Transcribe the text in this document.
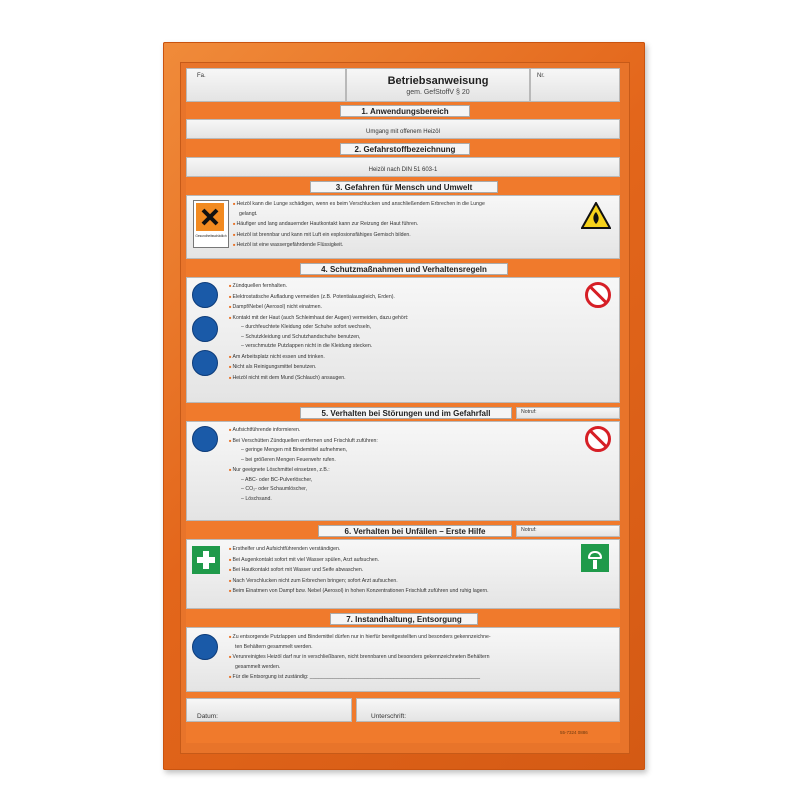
Fa.	Betriebsanweisung
gem. GefStoffV § 20
Nr.
1. Anwendungsbereich
Umgang mit offenem Heizöl
2. Gefahrstoffbezeichnung
Heizöl nach DIN 51 603-1
3. Gefahren für Mensch und Umwelt
Gesundheitsschädlich
■ Heizöl kann die Lunge schädigen, wenn es beim Verschlucken und anschließendem Erbrechen in die Lunge
gelangt.
■ Häufiger und lang andauernder Hautkontakt kann zur Reizung der Haut führen.
■ Heizöl ist brennbar und kann mit Luft ein explosionsfähiges Gemisch bilden.
■ Heizöl ist eine wassergefährdende Flüssigkeit.
4. Schutzmaßnahmen und Verhaltensregeln
■ Zündquellen fernhalten.
■ Elektrostatische Aufladung vermeiden (z.B. Potentialausgleich, Erden).
■ Dampf/Nebel (Aerosol) nicht einatmen.
■ Kontakt mit der Haut (auch Schleimhaut der Augen) vermeiden, dazu gehört:
– durchfeuchtete Kleidung oder Schuhe sofort wechseln,
– Schutzkleidung und Schutzhandschuhe benutzen,
– verschmutzte Putzlappen nicht in die Kleidung stecken.
■ Am Arbeitsplatz nicht essen und trinken.
■ Nicht als Reinigungsmittel benutzen.
■ Heizöl nicht mit dem Mund (Schlauch) ansaugen.
5. Verhalten bei Störungen und im Gefahrfall	Notruf:
■ Aufsichtführende informieren.
■ Bei Verschütten Zündquellen entfernen und Frischluft zuführen:
– geringe Mengen mit Bindemittel aufnehmen,
– bei größeren Mengen Feuerwehr rufen.
■ Nur geeignete Löschmittel einsetzen, z.B.:
– ABC- oder BC-Pulverlöscher,
– CO₂- oder Schaumlöscher,
– Löschsand.
6. Verhalten bei Unfällen – Erste Hilfe	Notruf:
■ Ersthelfer und Aufsichtführenden verständigen.
■ Bei Augenkontakt sofort mit viel Wasser spülen, Arzt aufsuchen.
■ Bei Hautkontakt sofort mit Wasser und Seife abwaschen.
■ Nach Verschlucken nicht zum Erbrechen bringen; sofort Arzt aufsuchen.
■ Beim Einatmen von Dampf bzw. Nebel (Aerosol) in hohen Konzentrationen Frischluft zuführen und ruhig lagern.
7. Instandhaltung, Entsorgung
■ Zu entsorgende Putzlappen und Bindemittel dürfen nur in hierfür bereitgestellten und besonders gekennzeichne-
ten Behältern gesammelt werden.
■ Verunreinigtes Heizöl darf nur in verschließbaren, nicht brennbaren und besonders gekennzeichneten Behältern
gesammelt werden.
■ Für die Entsorgung ist zuständig: ___________________________________________________________
Datum:	Unterschrift:
55-7324 0886
